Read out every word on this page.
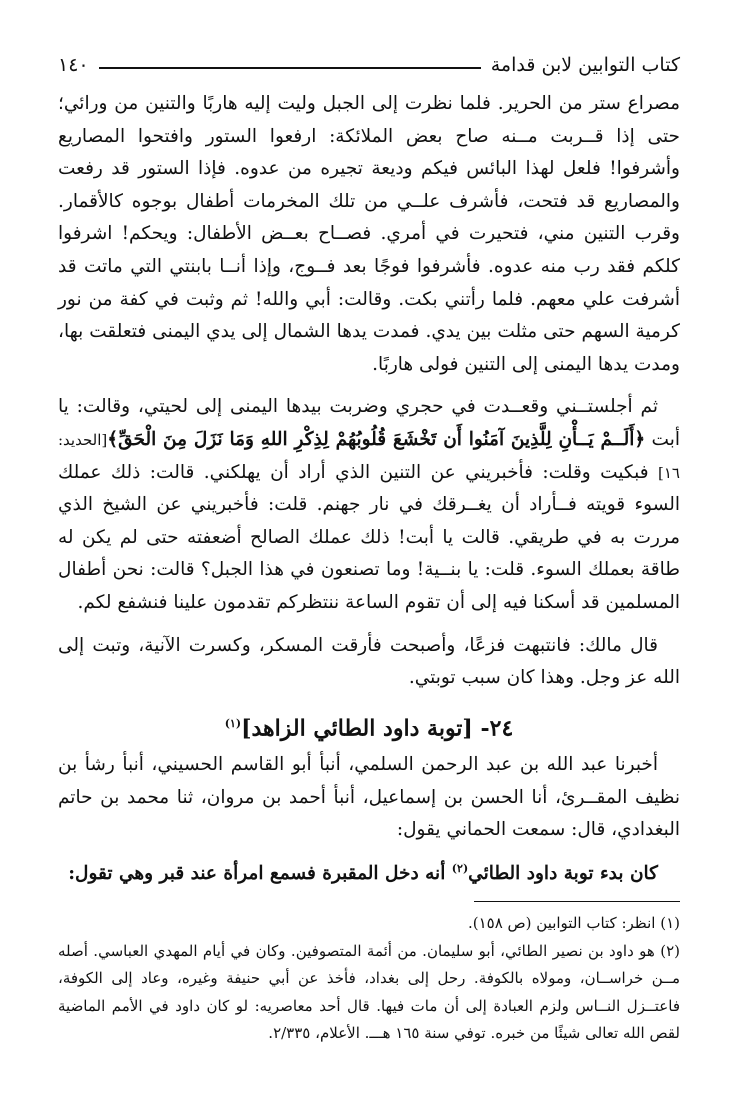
كتاب التوابين لابن قدامة
١٤٠

مصراع ستر من الحرير. فلما نظرت إلى الجبل وليت إليه هاربًا والتنين من ورائي؛ حتى إذا قــربت مــنه صاح بعض الملائكة: ارفعوا الستور وافتحوا المصاريع وأشرفوا! فلعل لهذا البائس فيكم وديعة تجيره من عدوه. فإذا الستور قد رفعت والمصاريع قد فتحت، فأشرف علــي من تلك المخرمات أطفال بوجوه كالأقمار. وقرب التنين مني، فتحيرت في أمري. فصــاح بعــض الأطفال: ويحكم! اشرفوا كلكم فقد رب منه عدوه. فأشرفوا فوجًا بعد فــوج، وإذا أنــا بابنتي التي ماتت قد أشرفت علي معهم. فلما رأتني بكت. وقالت: أبي والله! ثم وثبت في كفة من نور كرمية السهم حتى مثلت بين يدي. فمدت يدها الشمال إلى يدي اليمنى فتعلقت بها، ومدت يدها اليمنى إلى التنين فولى هاربًا.

ثم أجلستــني وقعــدت في حجري وضربت بيدها اليمنى إلى لحيتي، وقالت: يا أبت ﴿أَلَــمْ يَــأْنِ لِلَّذِينَ آمَنُوا أَن تَخْشَعَ قُلُوبُهُمْ لِذِكْرِ اللهِ وَمَا نَزَلَ مِنَ الْحَقِّ﴾[الحديد: ١٦] فبكيت وقلت: فأخبريني عن التنين الذي أراد أن يهلكني. قالت: ذلك عملك السوء قويته فــأراد أن يغــرقك في نار جهنم. قلت: فأخبريني عن الشيخ الذي مررت به في طريقي. قالت يا أبت! ذلك عملك الصالح أضعفته حتى لم يكن له طاقة بعملك السوء. قلت: يا بنــية! وما تصنعون في هذا الجبل؟ قالت: نحن أطفال المسلمين قد أسكنا فيه إلى أن تقوم الساعة ننتظركم تقدمون علينا فنشفع لكم.

قال مالك: فانتبهت فزعًا، وأصبحت فأرقت المسكر، وكسرت الآنية، وتبت إلى الله عز وجل. وهذا كان سبب توبتي.

٢٤- [توبة داود الطائي الزاهد]$^{(١)}$

أخبرنا عبد الله بن عبد الرحمن السلمي، أنبأ أبو القاسم الحسيني، أنبأ رشأ بن نظيف المقــرئ، أنا الحسن بن إسماعيل، أنبأ أحمد بن مروان، ثنا محمد بن حاتم البغدادي، قال: سمعت الحماني يقول:

كان بدء توبة داود الطائي$^{(٢)}$ أنه دخل المقبرة فسمع امرأة عند قبر وهي تقول:

(١) انظر: كتاب التوابين (ص ١٥٨).

(٢) هو داود بن نصير الطائي، أبو سليمان. من أئمة المتصوفين. وكان في أيام المهدي العباسي. أصله مــن خراســان، ومولاه بالكوفة. رحل إلى بغداد، فأخذ عن أبي حنيفة وغيره، وعاد إلى الكوفة، فاعتــزل النــاس ولزم العبادة إلى أن مات فيها. قال أحد معاصريه: لو كان داود في الأمم الماضية لقص الله تعالى شيئًا من خبره. توفي سنة ١٦٥ هـــ. الأعلام، ٢/٣٣٥.
